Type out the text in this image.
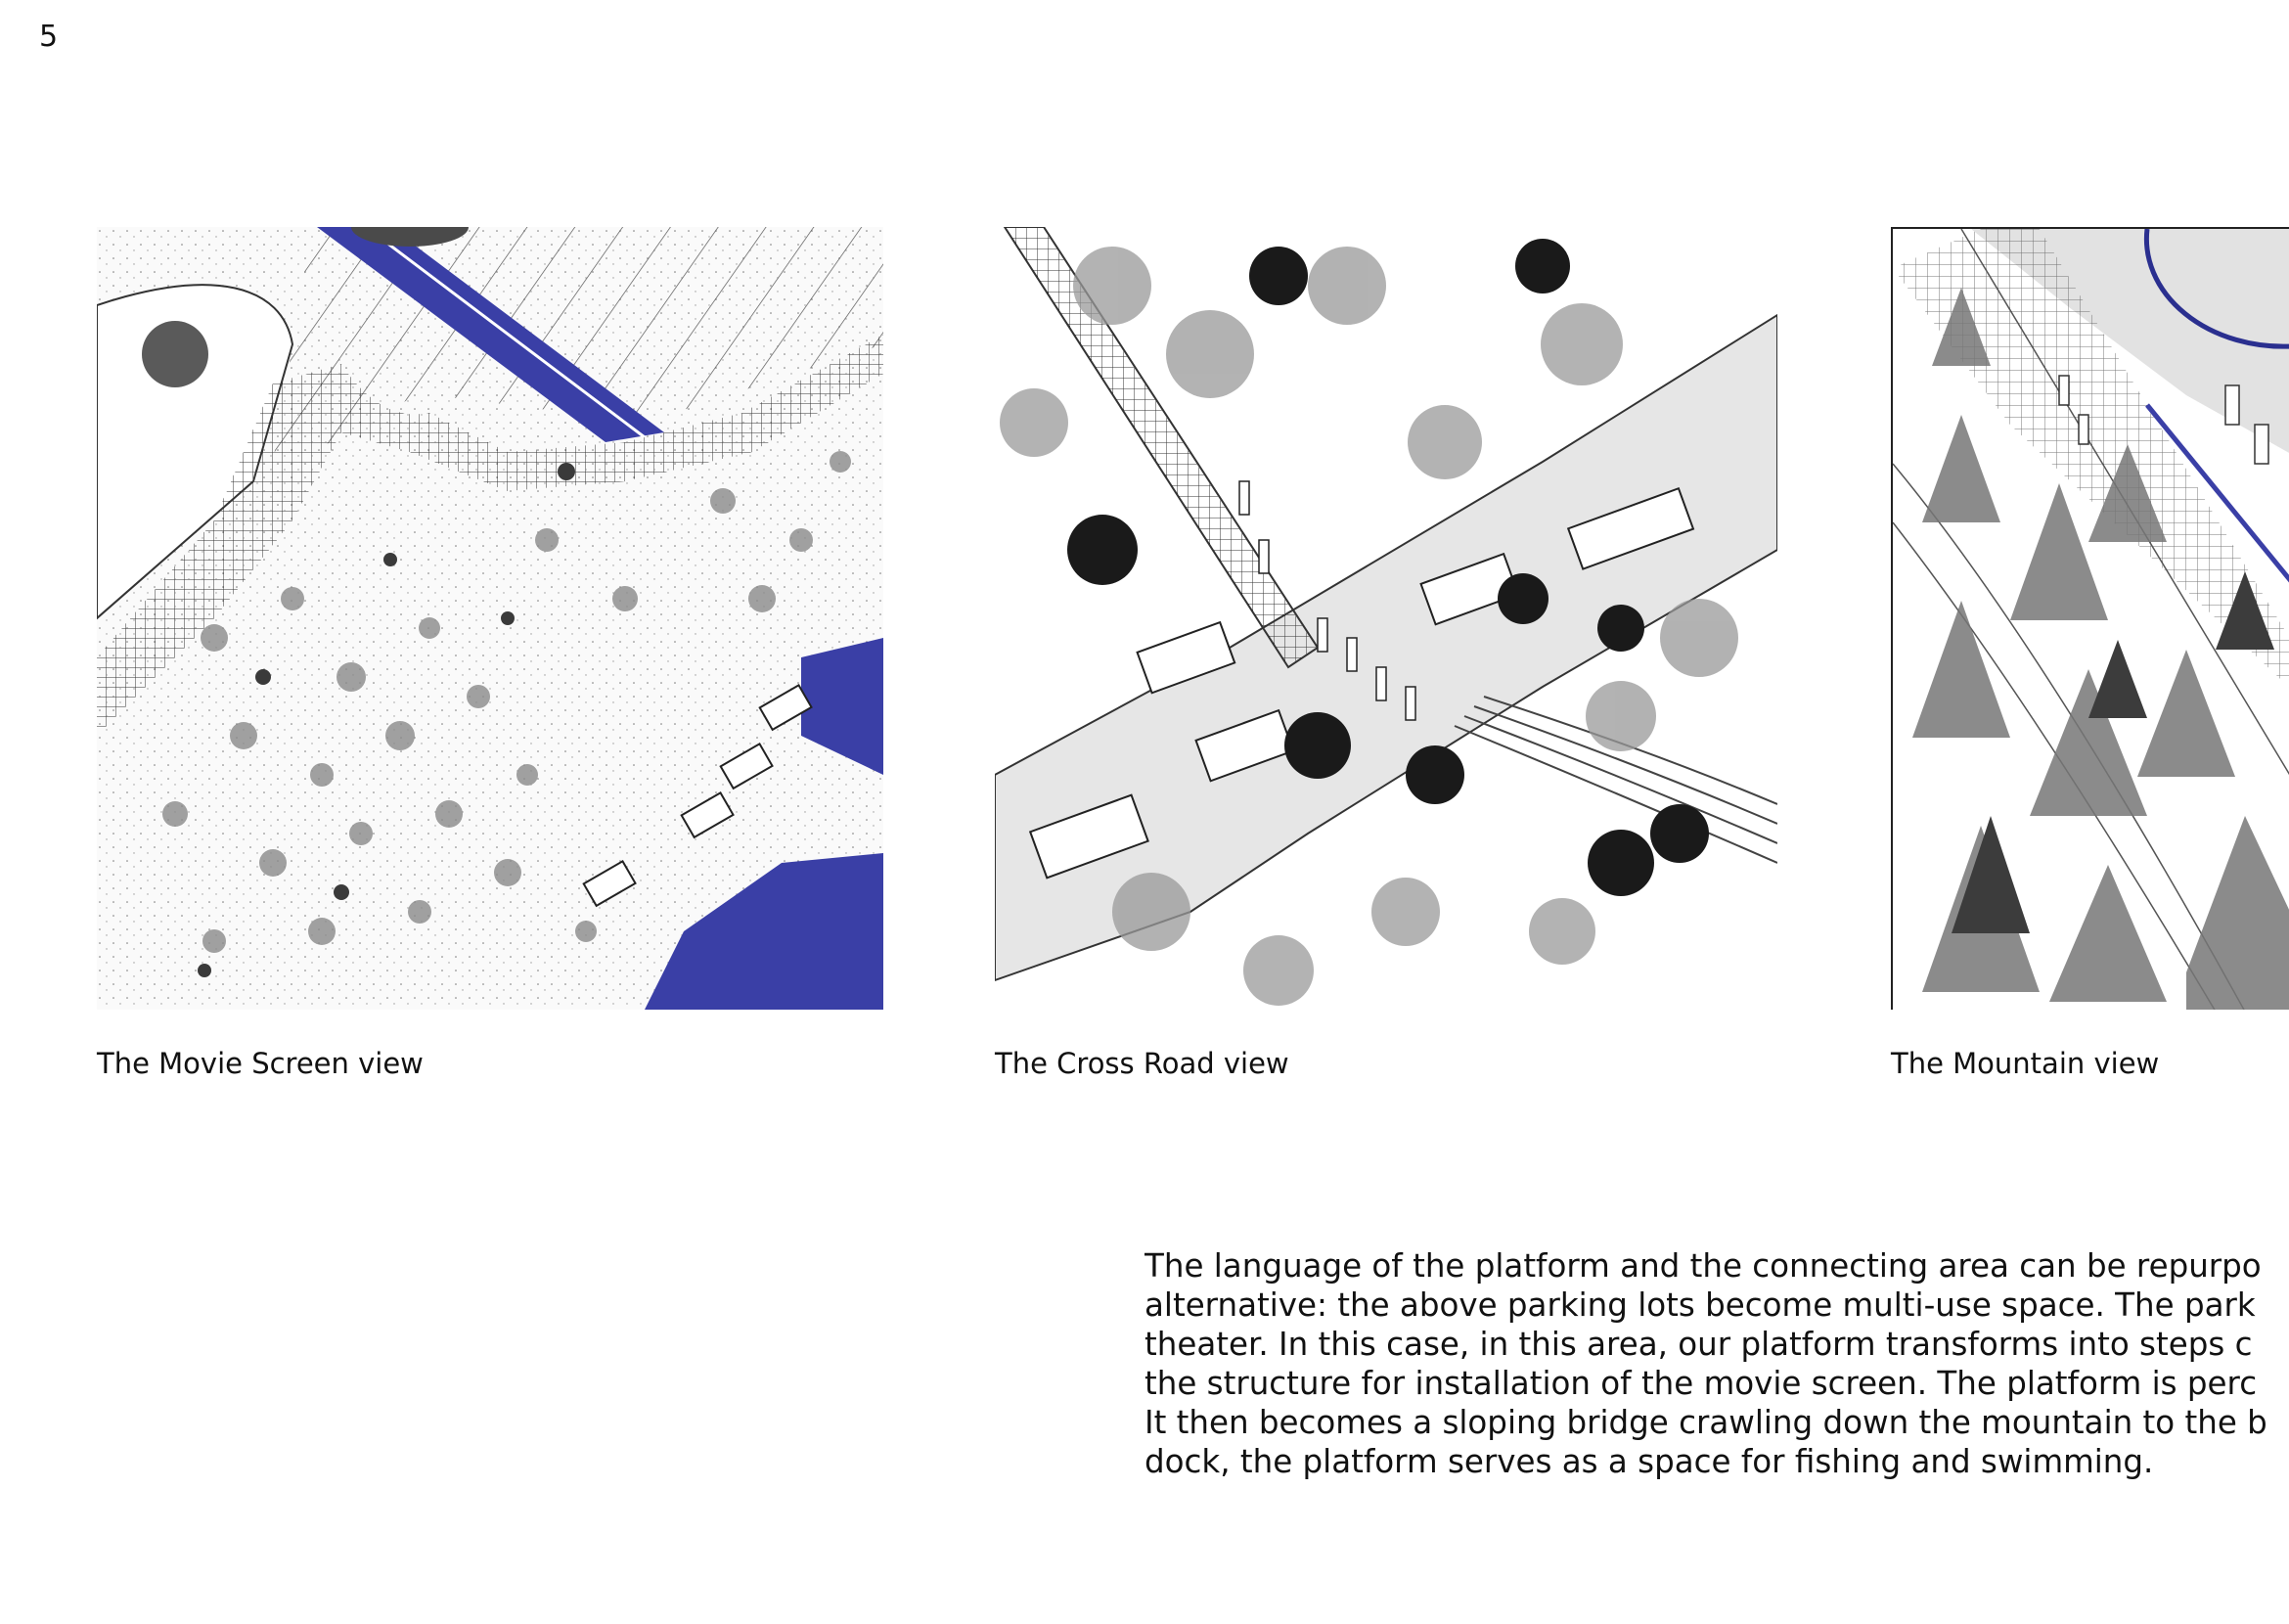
5
The Movie Screen view	The Cross Road view	The Mountain view
The language of the platform and the connecting area can be repurpo
alternative: the above parking lots become multi-use space. The park
theater. In this case, in this area, our platform transforms into steps c
the structure for installation of the movie screen. The platform is perc
It then becomes a sloping bridge crawling down the mountain to the b
dock, the platform serves as a space for fishing and swimming.
